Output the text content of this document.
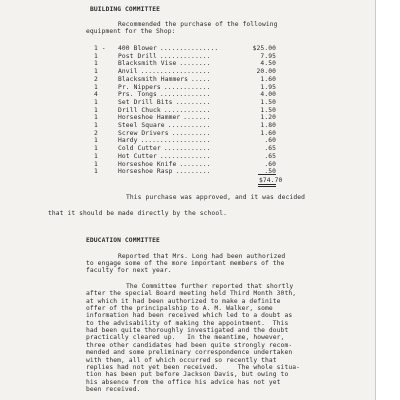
BUILDING COMMITTEE
Recommended the purchase of the following
equipment for the Shop:
1 - 400 Blower ...............	$25.00
1	Post Drill .............	7.95
1	Blacksmith Vise ........	4.50
1	Anvil ..................	20.00
2	Blacksmith Hammers .....	1.60
1	Pr. Nippers ............	1.95
4	Prs. Tongs .............	4.00
1	Set Drill Bits .........	1.50
1	Drill Chuck ............	1.50
1	Horseshoe Hammer .......	1.20
1	Steel Square ...........	1.80
2	Screw Drivers ..........	1.60
1	Hardy ..................	.60
1	Cold Cutter ............	.65
1	Hot Cutter .............	.65
1	Horseshoe Knife ........	.60
1	Horseshoe Rasp .........	.50
$74.70
This purchase was approved, and it was decided
that it should be made directly by the school.
EDUCATION COMMITTEE
Reported that Mrs. Long had been authorized
to engage some of the more important members of the
faculty for next year.
The Committee further reported that shortly
after the special Board meeting held Third Month 30th,
at which it had been authorized to make a definite
offer of the principalship to A. M. Walker, some
information had been received which led to a doubt as
to the advisability of making the appointment.  This
had been quite thoroughly investigated and the doubt
practically cleared up.   In the meantime, however,
three other candidates had been quite strongly recom-
mended and some preliminary correspondence undertaken
with them, all of which occurred so recently that
replies had not yet been received.     The whole situa-
tion has been put before Jackson Davis, but owing to
his absence from the office his advice has not yet
been received.
